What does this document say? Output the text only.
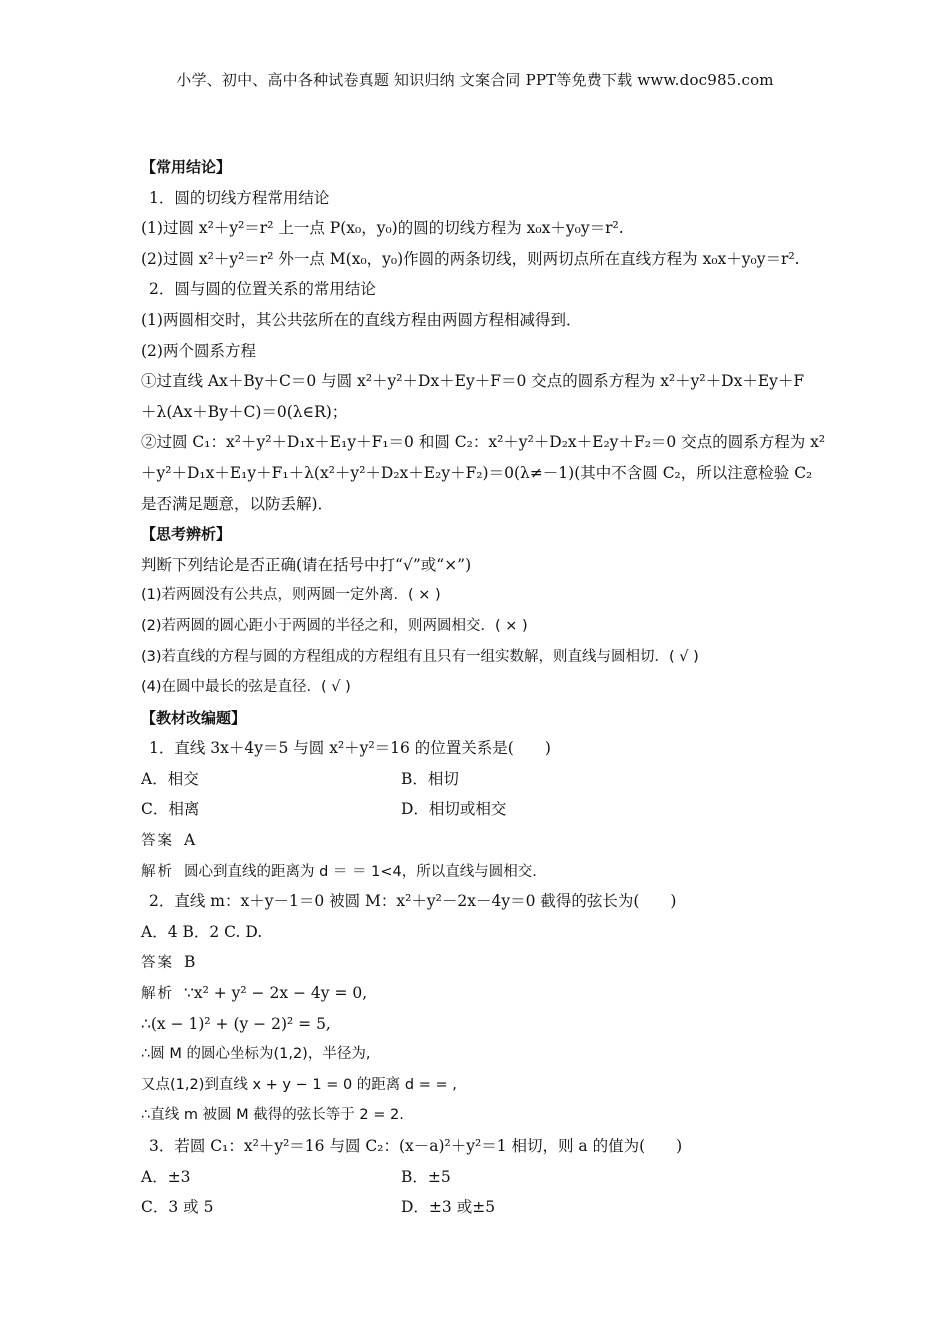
小学、初中、高中各种试卷真题 知识归纳 文案合同 PPT等免费下载 www.doc985.com
【常用结论】
1．圆的切线方程常用结论
(1)过圆 x²＋y²＝r² 上一点 P(x₀，y₀)的圆的切线方程为 x₀x＋y₀y＝r².
(2)过圆 x²＋y²＝r² 外一点 M(x₀，y₀)作圆的两条切线，则两切点所在直线方程为 x₀x＋y₀y＝r².
2．圆与圆的位置关系的常用结论
(1)两圆相交时，其公共弦所在的直线方程由两圆方程相减得到．
(2)两个圆系方程
①过直线 Ax＋By＋C＝0 与圆 x²＋y²＋Dx＋Ey＋F＝0 交点的圆系方程为 x²＋y²＋Dx＋Ey＋F
＋λ(Ax＋By＋C)＝0(λ∈R)；
②过圆 C₁：x²＋y²＋D₁x＋E₁y＋F₁＝0 和圆 C₂：x²＋y²＋D₂x＋E₂y＋F₂＝0 交点的圆系方程为 x²
＋y²＋D₁x＋E₁y＋F₁＋λ(x²＋y²＋D₂x＋E₂y＋F₂)＝0(λ≠－1)(其中不含圆 C₂，所以注意检验 C₂
是否满足题意，以防丢解)．
【思考辨析】
判断下列结论是否正确(请在括号中打“√”或“×”)
(1)若两圆没有公共点，则两圆一定外离．( × )
(2)若两圆的圆心距小于两圆的半径之和，则两圆相交．( × )
(3)若直线的方程与圆的方程组成的方程组有且只有一组实数解，则直线与圆相切．( √ )
(4)在圆中最长的弦是直径．( √ )
【教材改编题】
1．直线 3x＋4y＝5 与圆 x²＋y²＝16 的位置关系是(　　)
A．相交	B．相切
C．相离	D．相切或相交
答案 A
解析 圆心到直线的距离为 d ＝ ＝ 1<4，所以直线与圆相交.
2．直线 m：x＋y－1＝0 被圆 M：x²＋y²－2x－4y＝0 截得的弦长为(　　)
A．4 B．2 C. D.
答案 B
解析 ∵x² + y² − 2x − 4y = 0,
∴(x − 1)² + (y − 2)² = 5,
∴圆 M 的圆心坐标为(1,2)，半径为,
又点(1,2)到直线 x + y − 1 = 0 的距离 d = = ,
∴直线 m 被圆 M 截得的弦长等于 2 = 2.
3．若圆 C₁：x²＋y²＝16 与圆 C₂：(x－a)²＋y²＝1 相切，则 a 的值为(　　)
A．±3	B．±5
C．3 或 5	D．±3 或±5
